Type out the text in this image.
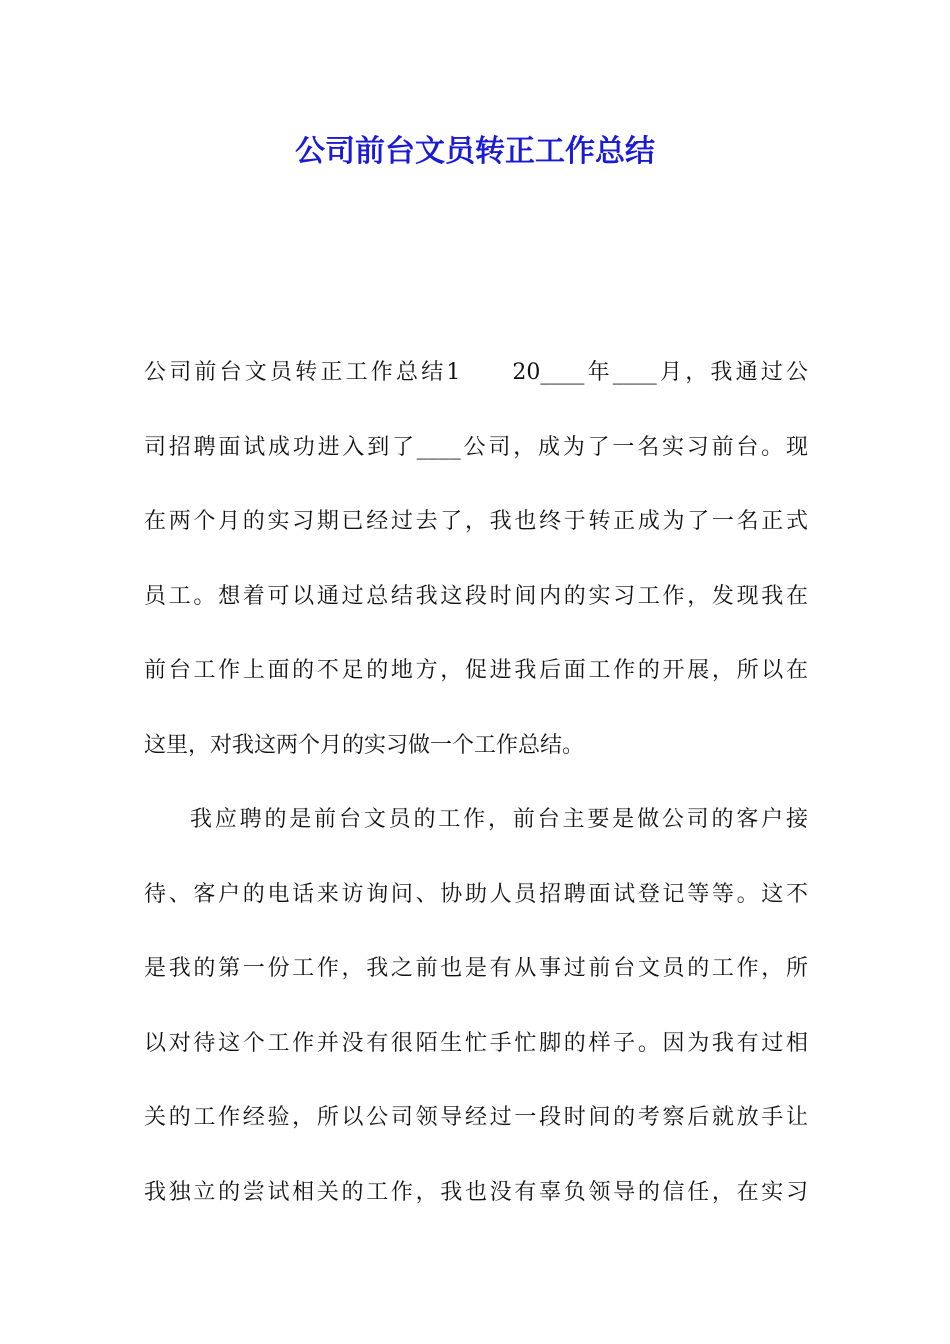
公司前台文员转正工作总结
公司前台文员转正工作总结1 20____年____月，我通过公
司招聘面试成功进入到了____公司，成为了一名实习前台。现
在两个月的实习期已经过去了，我也终于转正成为了一名正式
员工。想着可以通过总结我这段时间内的实习工作，发现我在
前台工作上面的不足的地方，促进我后面工作的开展，所以在
这里，对我这两个月的实习做一个工作总结。
我应聘的是前台文员的工作，前台主要是做公司的客户接
待、客户的电话来访询问、协助人员招聘面试登记等等。这不
是我的第一份工作，我之前也是有从事过前台文员的工作，所
以对待这个工作并没有很陌生忙手忙脚的样子。因为我有过相
关的工作经验，所以公司领导经过一段时间的考察后就放手让
我独立的尝试相关的工作，我也没有辜负领导的信任，在实习
